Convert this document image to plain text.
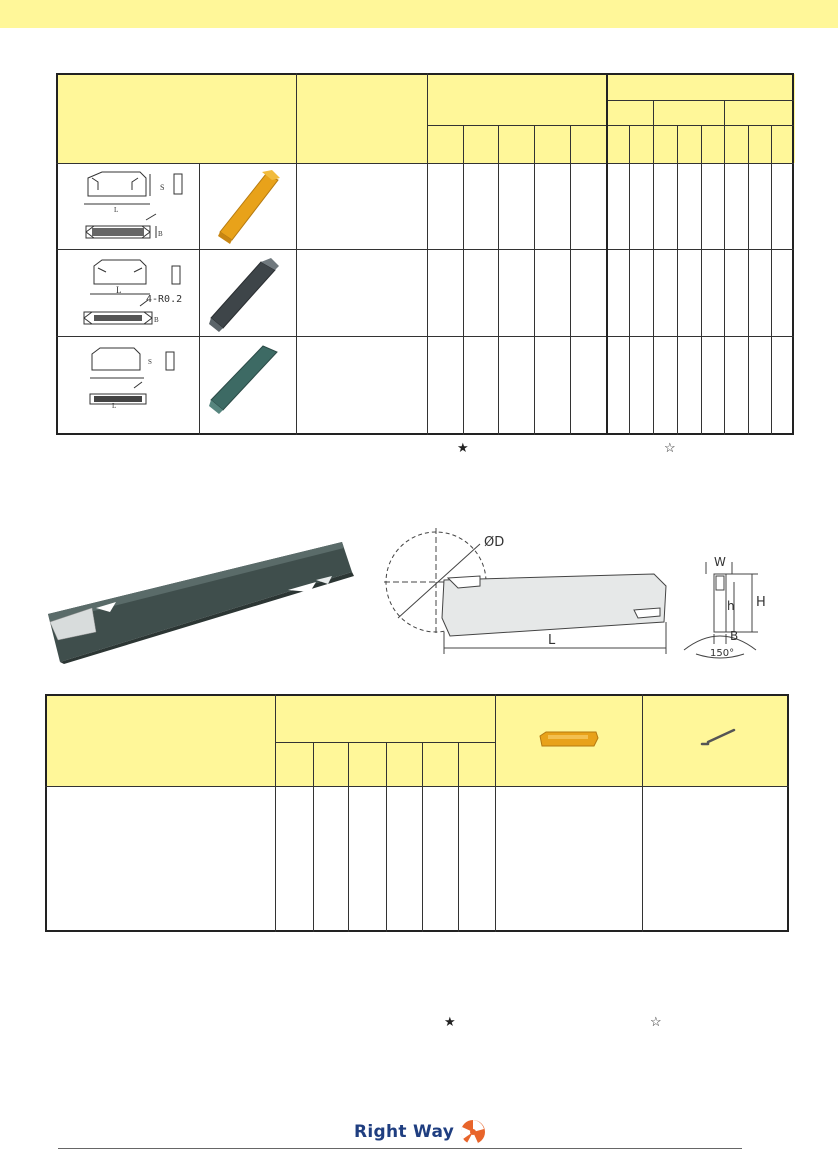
S
L
B
L
4-R0.2
B
S
L
★	☆
ØD
L
W
H
h
B
150°
★	☆
Right Way
